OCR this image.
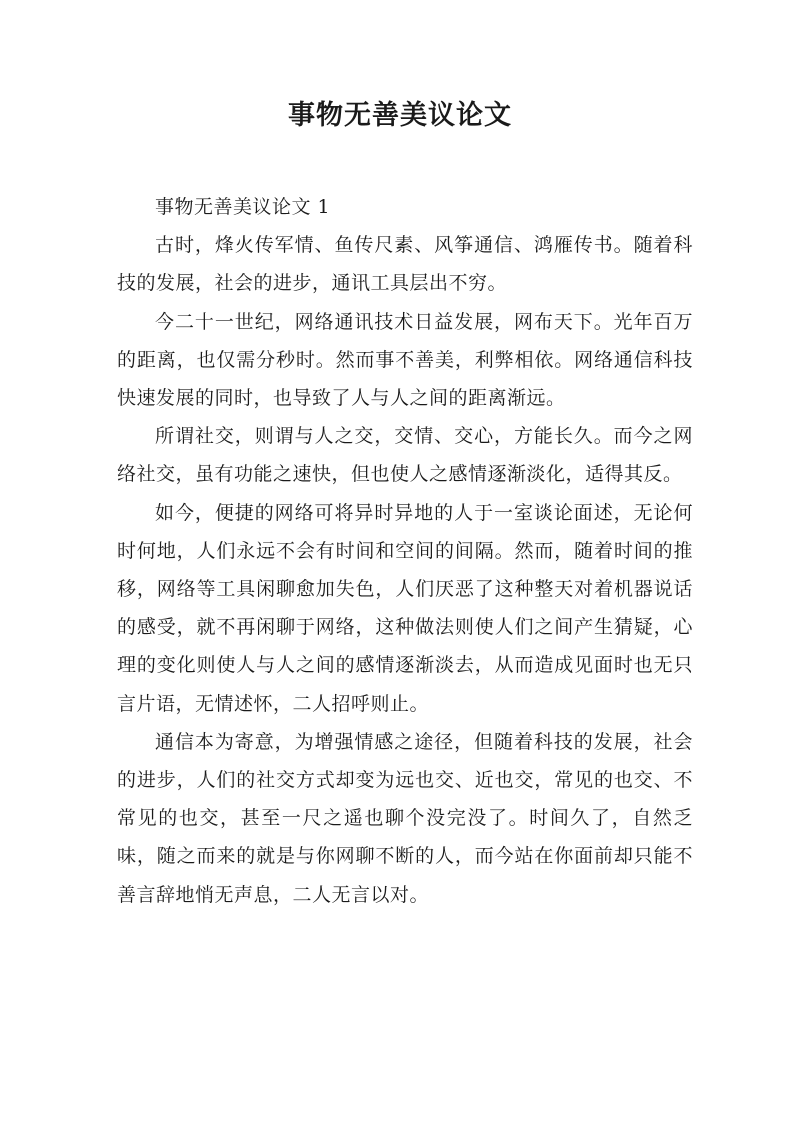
事物无善美议论文

事物无善美议论文 1

古时，烽火传军情、鱼传尺素、风筝通信、鸿雁传书。随着科技的发展，社会的进步，通讯工具层出不穷。

今二十一世纪，网络通讯技术日益发展，网布天下。光年百万的距离，也仅需分秒时。然而事不善美，利弊相依。网络通信科技快速发展的同时，也导致了人与人之间的距离渐远。

所谓社交，则谓与人之交，交情、交心，方能长久。而今之网络社交，虽有功能之速快，但也使人之感情逐渐淡化，适得其反。

如今，便捷的网络可将异时异地的人于一室谈论面述，无论何时何地，人们永远不会有时间和空间的间隔。然而，随着时间的推移，网络等工具闲聊愈加失色，人们厌恶了这种整天对着机器说话的感受，就不再闲聊于网络，这种做法则使人们之间产生猜疑，心理的变化则使人与人之间的感情逐渐淡去，从而造成见面时也无只言片语，无情述怀，二人招呼则止。

通信本为寄意，为增强情感之途径，但随着科技的发展，社会的进步，人们的社交方式却变为远也交、近也交，常见的也交、不常见的也交，甚至一尺之遥也聊个没完没了。时间久了，自然乏味，随之而来的就是与你网聊不断的人，而今站在你面前却只能不善言辞地悄无声息，二人无言以对。
